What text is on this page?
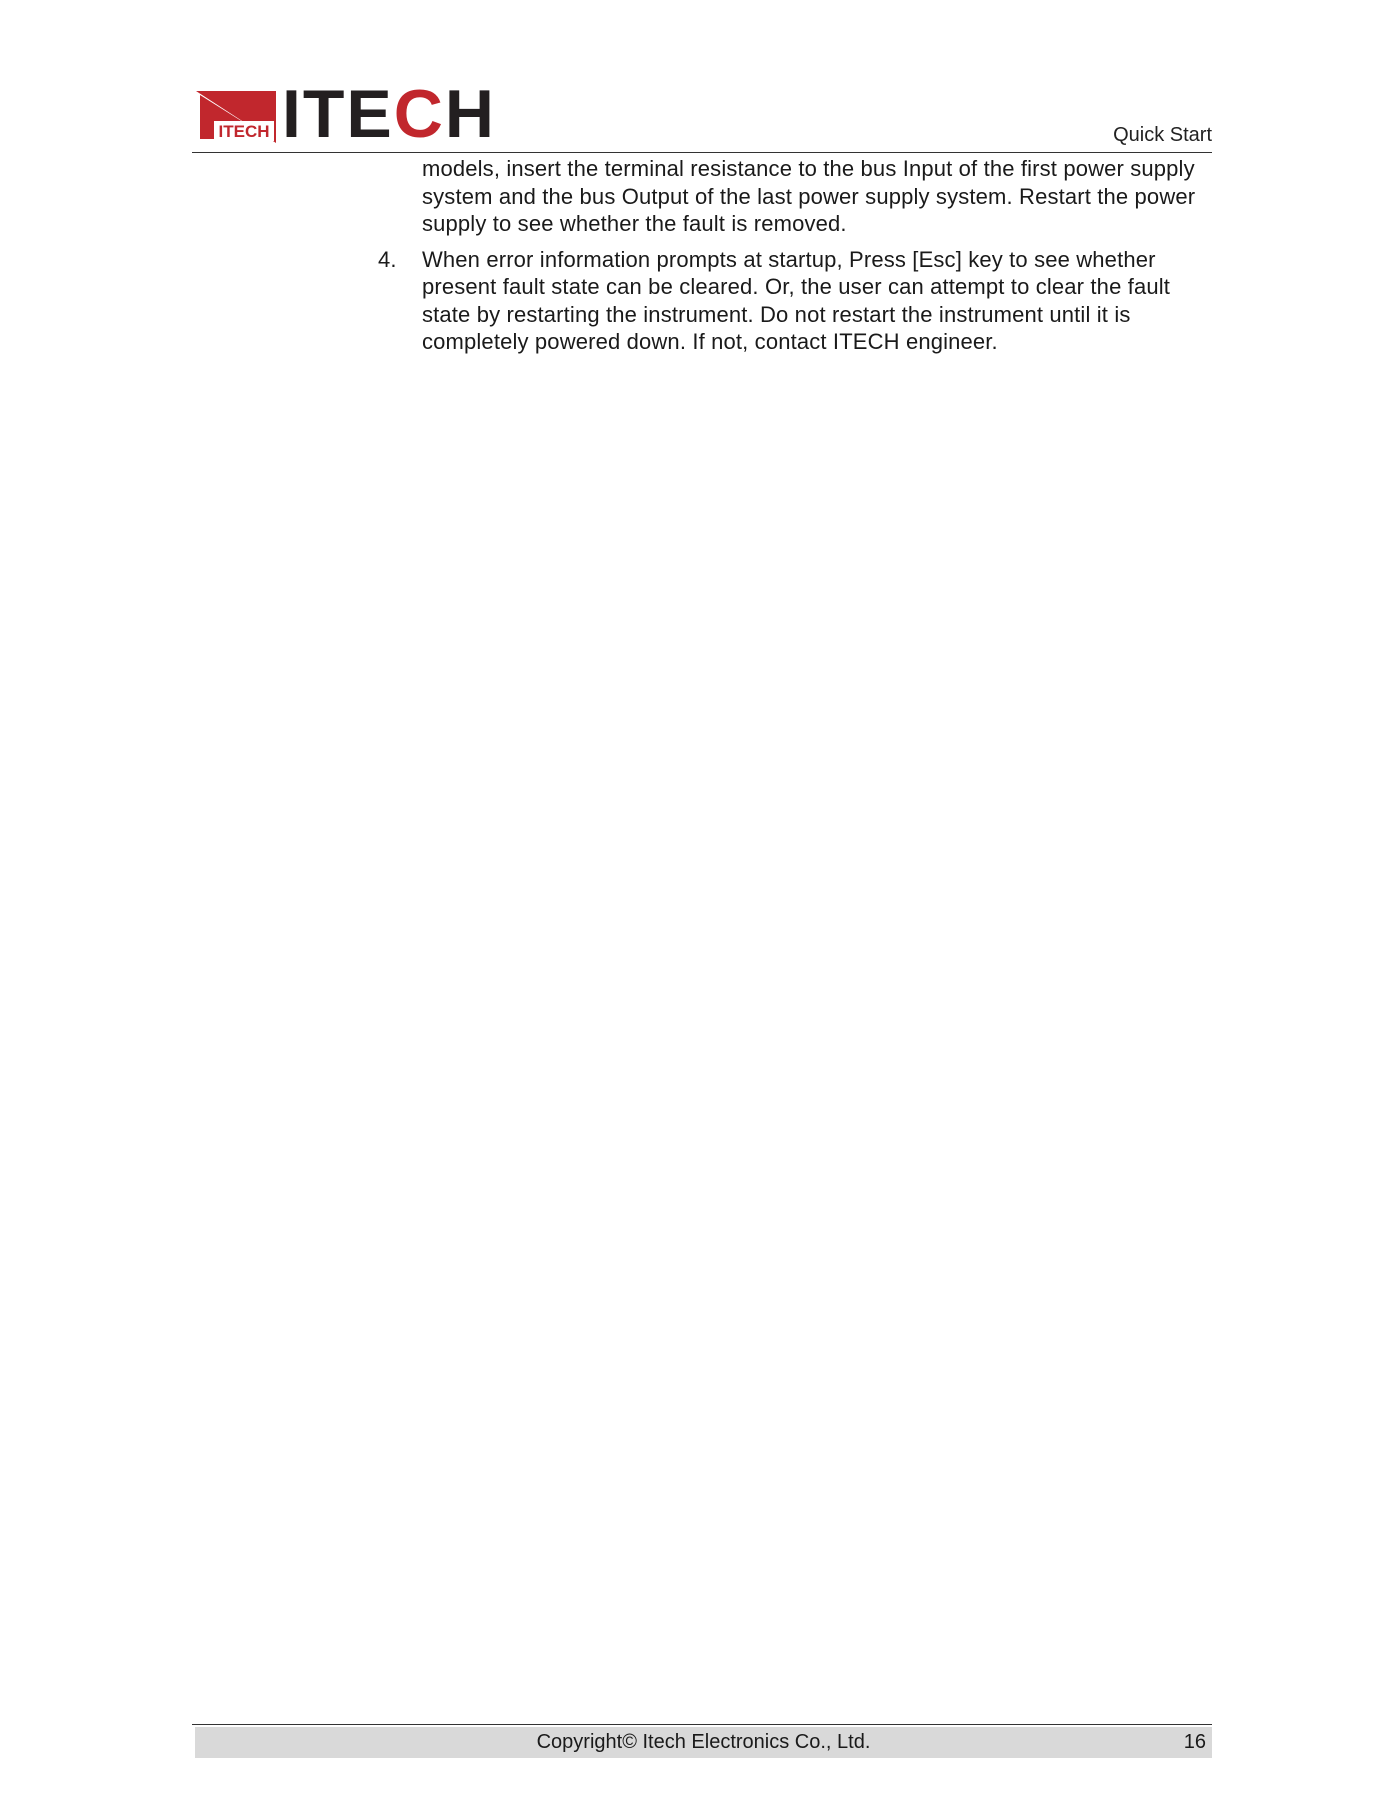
ITECH ITECH	Quick Start

models, insert the terminal resistance to the bus Input of the first power supply system and the bus Output of the last power supply system. Restart the power supply to see whether the fault is removed.

4. When error information prompts at startup, Press [Esc] key to see whether present fault state can be cleared. Or, the user can attempt to clear the fault state by restarting the instrument. Do not restart the instrument until it is completely powered down. If not, contact ITECH engineer.

Copyright© Itech Electronics Co., Ltd.	16
